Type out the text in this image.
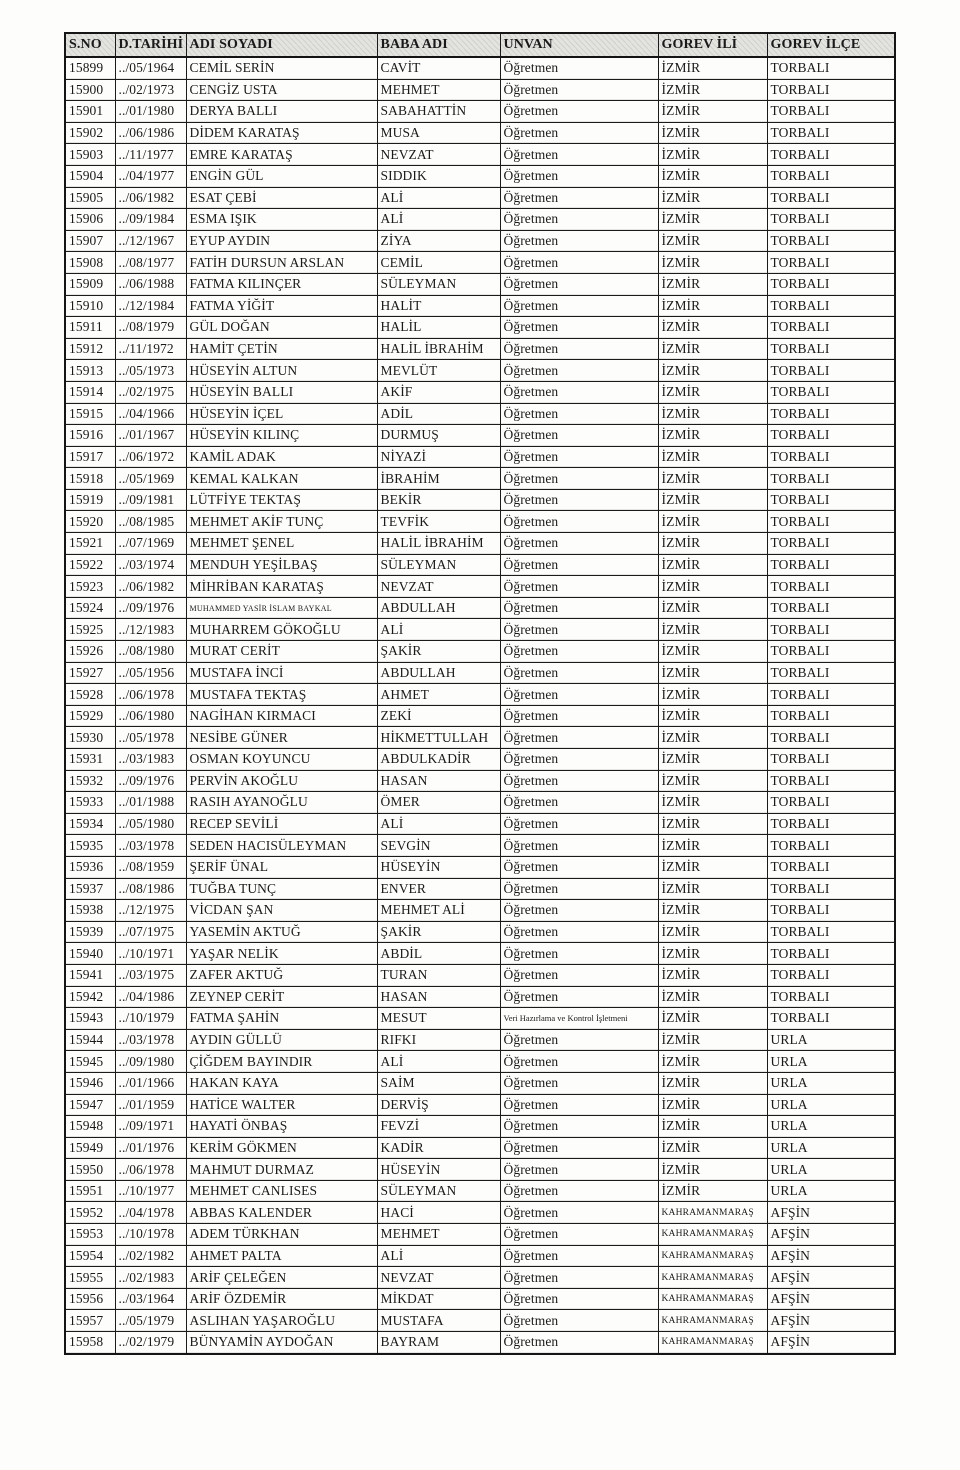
S.NO	D.TARİHİ	ADI SOYADI	BABA ADI	UNVAN	GOREV İLİ	GOREV İLÇE
15899	../05/1964	CEMİL SERİN	CAVİT	Öğretmen	İZMİR	TORBALI
15900	../02/1973	CENGİZ USTA	MEHMET	Öğretmen	İZMİR	TORBALI
15901	../01/1980	DERYA BALLI	SABAHATTİN	Öğretmen	İZMİR	TORBALI
15902	../06/1986	DİDEM KARATAŞ	MUSA	Öğretmen	İZMİR	TORBALI
15903	../11/1977	EMRE KARATAŞ	NEVZAT	Öğretmen	İZMİR	TORBALI
15904	../04/1977	ENGİN GÜL	SIDDIK	Öğretmen	İZMİR	TORBALI
15905	../06/1982	ESAT ÇEBİ	ALİ	Öğretmen	İZMİR	TORBALI
15906	../09/1984	ESMA IŞIK	ALİ	Öğretmen	İZMİR	TORBALI
15907	../12/1967	EYUP AYDIN	ZİYA	Öğretmen	İZMİR	TORBALI
15908	../08/1977	FATİH DURSUN ARSLAN	CEMİL	Öğretmen	İZMİR	TORBALI
15909	../06/1988	FATMA KILINÇER	SÜLEYMAN	Öğretmen	İZMİR	TORBALI
15910	../12/1984	FATMA YİĞİT	HALİT	Öğretmen	İZMİR	TORBALI
15911	../08/1979	GÜL DOĞAN	HALİL	Öğretmen	İZMİR	TORBALI
15912	../11/1972	HAMİT ÇETİN	HALİL İBRAHİM	Öğretmen	İZMİR	TORBALI
15913	../05/1973	HÜSEYİN ALTUN	MEVLÜT	Öğretmen	İZMİR	TORBALI
15914	../02/1975	HÜSEYİN BALLI	AKİF	Öğretmen	İZMİR	TORBALI
15915	../04/1966	HÜSEYİN İÇEL	ADİL	Öğretmen	İZMİR	TORBALI
15916	../01/1967	HÜSEYİN KILINÇ	DURMUŞ	Öğretmen	İZMİR	TORBALI
15917	../06/1972	KAMİL ADAK	NİYAZİ	Öğretmen	İZMİR	TORBALI
15918	../05/1969	KEMAL KALKAN	İBRAHİM	Öğretmen	İZMİR	TORBALI
15919	../09/1981	LÜTFİYE TEKTAŞ	BEKİR	Öğretmen	İZMİR	TORBALI
15920	../08/1985	MEHMET AKİF TUNÇ	TEVFİK	Öğretmen	İZMİR	TORBALI
15921	../07/1969	MEHMET ŞENEL	HALİL İBRAHİM	Öğretmen	İZMİR	TORBALI
15922	../03/1974	MENDUH YEŞİLBAŞ	SÜLEYMAN	Öğretmen	İZMİR	TORBALI
15923	../06/1982	MİHRİBAN KARATAŞ	NEVZAT	Öğretmen	İZMİR	TORBALI
15924	../09/1976	MUHAMMED YASİR İSLAM BAYKAL	ABDULLAH	Öğretmen	İZMİR	TORBALI
15925	../12/1983	MUHARREM GÖKOĞLU	ALİ	Öğretmen	İZMİR	TORBALI
15926	../08/1980	MURAT CERİT	ŞAKİR	Öğretmen	İZMİR	TORBALI
15927	../05/1956	MUSTAFA İNCİ	ABDULLAH	Öğretmen	İZMİR	TORBALI
15928	../06/1978	MUSTAFA TEKTAŞ	AHMET	Öğretmen	İZMİR	TORBALI
15929	../06/1980	NAGİHAN KIRMACI	ZEKİ	Öğretmen	İZMİR	TORBALI
15930	../05/1978	NESİBE GÜNER	HİKMETTULLAH	Öğretmen	İZMİR	TORBALI
15931	../03/1983	OSMAN KOYUNCU	ABDULKADİR	Öğretmen	İZMİR	TORBALI
15932	../09/1976	PERVİN AKOĞLU	HASAN	Öğretmen	İZMİR	TORBALI
15933	../01/1988	RASIH AYANOĞLU	ÖMER	Öğretmen	İZMİR	TORBALI
15934	../05/1980	RECEP SEVİLİ	ALİ	Öğretmen	İZMİR	TORBALI
15935	../03/1978	SEDEN HACISÜLEYMAN	SEVGİN	Öğretmen	İZMİR	TORBALI
15936	../08/1959	ŞERİF ÜNAL	HÜSEYİN	Öğretmen	İZMİR	TORBALI
15937	../08/1986	TUĞBA TUNÇ	ENVER	Öğretmen	İZMİR	TORBALI
15938	../12/1975	VİCDAN ŞAN	MEHMET ALİ	Öğretmen	İZMİR	TORBALI
15939	../07/1975	YASEMİN AKTUĞ	ŞAKİR	Öğretmen	İZMİR	TORBALI
15940	../10/1971	YAŞAR NELİK	ABDİL	Öğretmen	İZMİR	TORBALI
15941	../03/1975	ZAFER AKTUĞ	TURAN	Öğretmen	İZMİR	TORBALI
15942	../04/1986	ZEYNEP CERİT	HASAN	Öğretmen	İZMİR	TORBALI
15943	../10/1979	FATMA ŞAHİN	MESUT	Veri Hazırlama ve Kontrol İşletmeni	İZMİR	TORBALI
15944	../03/1978	AYDIN GÜLLÜ	RIFKI	Öğretmen	İZMİR	URLA
15945	../09/1980	ÇİĞDEM BAYINDIR	ALİ	Öğretmen	İZMİR	URLA
15946	../01/1966	HAKAN KAYA	SAİM	Öğretmen	İZMİR	URLA
15947	../01/1959	HATİCE WALTER	DERVİŞ	Öğretmen	İZMİR	URLA
15948	../09/1971	HAYATİ ÖNBAŞ	FEVZİ	Öğretmen	İZMİR	URLA
15949	../01/1976	KERİM GÖKMEN	KADİR	Öğretmen	İZMİR	URLA
15950	../06/1978	MAHMUT DURMAZ	HÜSEYİN	Öğretmen	İZMİR	URLA
15951	../10/1977	MEHMET CANLISES	SÜLEYMAN	Öğretmen	İZMİR	URLA
15952	../04/1978	ABBAS KALENDER	HACİ	Öğretmen	KAHRAMANMARAŞ	AFŞİN
15953	../10/1978	ADEM TÜRKHAN	MEHMET	Öğretmen	KAHRAMANMARAŞ	AFŞİN
15954	../02/1982	AHMET PALTA	ALİ	Öğretmen	KAHRAMANMARAŞ	AFŞİN
15955	../02/1983	ARİF ÇELEĞEN	NEVZAT	Öğretmen	KAHRAMANMARAŞ	AFŞİN
15956	../03/1964	ARİF ÖZDEMİR	MİKDAT	Öğretmen	KAHRAMANMARAŞ	AFŞİN
15957	../05/1979	ASLIHAN YAŞAROĞLU	MUSTAFA	Öğretmen	KAHRAMANMARAŞ	AFŞİN
15958	../02/1979	BÜNYAMİN AYDOĞAN	BAYRAM	Öğretmen	KAHRAMANMARAŞ	AFŞİN
